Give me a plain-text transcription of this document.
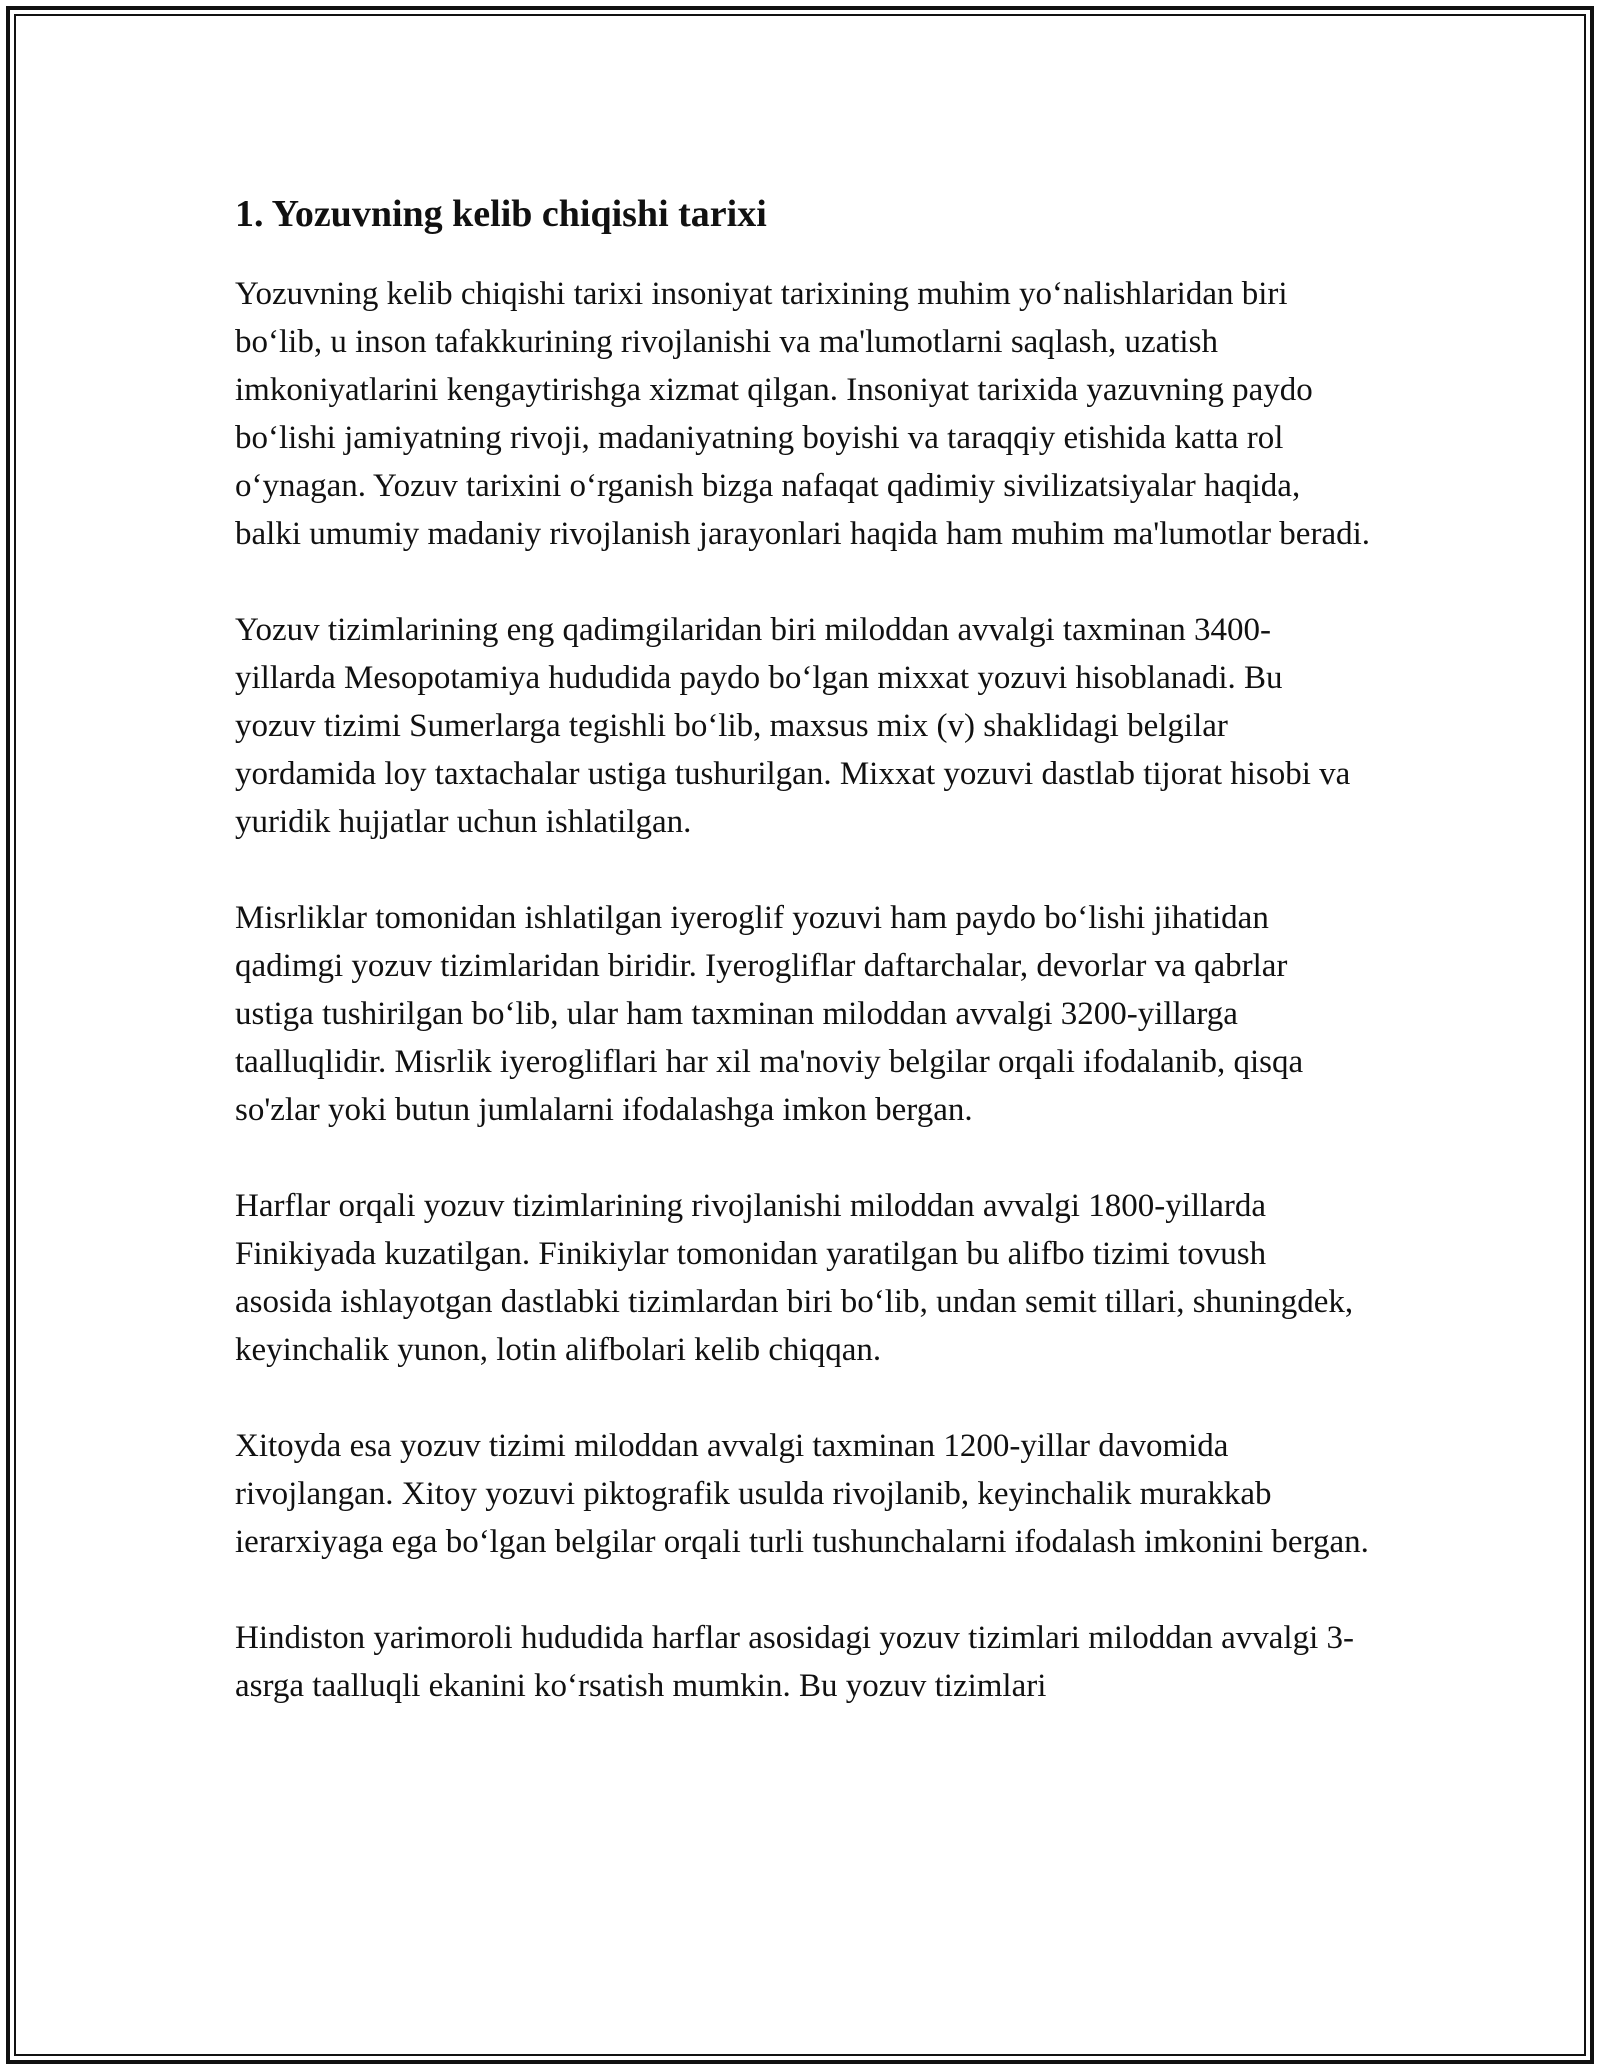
1. Yozuvning kelib chiqishi tarixi

Yozuvning kelib chiqishi tarixi insoniyat tarixining muhim yo‘nalishlaridan biri bo‘lib, u inson tafakkurining rivojlanishi va ma'lumotlarni saqlash, uzatish imkoniyatlarini kengaytirishga xizmat qilgan. Insoniyat tarixida yazuvning paydo bo‘lishi jamiyatning rivoji, madaniyatning boyishi va taraqqiy etishida katta rol o‘ynagan. Yozuv tarixini o‘rganish bizga nafaqat qadimiy sivilizatsiyalar haqida, balki umumiy madaniy rivojlanish jarayonlari haqida ham muhim ma'lumotlar beradi.

Yozuv tizimlarining eng qadimgilaridan biri miloddan avvalgi taxminan 3400-yillarda Mesopotamiya hududida paydo bo‘lgan mixxat yozuvi hisoblanadi. Bu yozuv tizimi Sumerlarga tegishli bo‘lib, maxsus mix (v) shaklidagi belgilar yordamida loy taxtachalar ustiga tushurilgan. Mixxat yozuvi dastlab tijorat hisobi va yuridik hujjatlar uchun ishlatilgan.

Misrliklar tomonidan ishlatilgan iyeroglif yozuvi ham paydo bo‘lishi jihatidan qadimgi yozuv tizimlaridan biridir. Iyerogliflar daftarchalar, devorlar va qabrlar ustiga tushirilgan bo‘lib, ular ham taxminan miloddan avvalgi 3200-yillarga taalluqlidir. Misrlik iyerogliflari har xil ma'noviy belgilar orqali ifodalanib, qisqa so'zlar yoki butun jumlalarni ifodalashga imkon bergan.

Harflar orqali yozuv tizimlarining rivojlanishi miloddan avvalgi 1800-yillarda Finikiyada kuzatilgan. Finikiylar tomonidan yaratilgan bu alifbo tizimi tovush asosida ishlayotgan dastlabki tizimlardan biri bo‘lib, undan semit tillari, shuningdek, keyinchalik yunon, lotin alifbolari kelib chiqqan.

Xitoyda esa yozuv tizimi miloddan avvalgi taxminan 1200-yillar davomida rivojlangan. Xitoy yozuvi piktografik usulda rivojlanib, keyinchalik murakkab ierarxiyaga ega bo‘lgan belgilar orqali turli tushunchalarni ifodalash imkonini bergan.

Hindiston yarimoroli hududida harflar asosidagi yozuv tizimlari miloddan avvalgi 3-asrga taalluqli ekanini ko‘rsatish mumkin. Bu yozuv tizimlari
